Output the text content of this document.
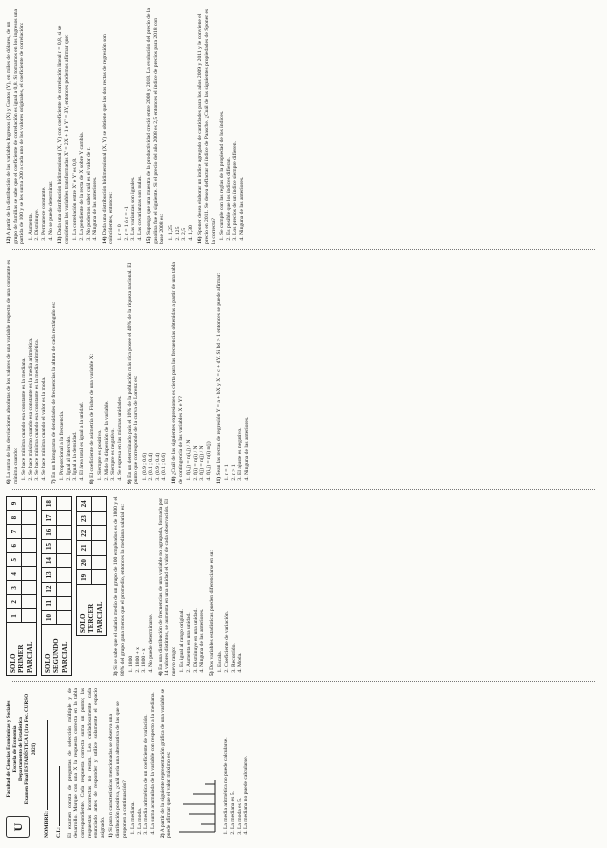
U
Facultad de Ciencias Económicas y Sociales Escuela de Economía Departamento de Estadística Examen Final ESTADÍSTICA I (1ra Fec. CURSO 2021)
NOMBRE:	C.I.: El examen consta de preguntas de selección múltiple y de desarrollo. Marque con una X la respuesta correcta en la tabla correspondiente. Cada respuesta correcta suma un punto; las respuestas incorrectas no restan. Lea cuidadosamente cada enunciado antes de responder y utilice solamente el espacio asignado. 1) Si para n características mencionadas se observa una distribución positiva, ¿cuál sería una alternativa de las que se proponen a continuación? 1. La mediana. 2. La moda. 3. La media aritmética de un coeficiente de variación. 4. La suma acumulada de la variable con respecto a la mediana.

2) A partir de la siguiente representación gráfica de una variable se puede afirmar que el valor máximo es:	1. La media aritmética no puede calcularse. 2. La mediana es 5. 3. La moda es 5. 4. La mediana no puede calcularse.
SOLO PRIMER PARCIAL	1	2	3	4	5	6	7	8	9

SOLO SEGUNDO PARCIAL	10	11	12	13	14	15	16	17	18

SOLO TERCER PARCIAL	19	20	21	22	23	24

3) Si se sabe que el salario medio de un grupo de 100 empleados es de 1800 y el 80% del grupo gana menos que el promedio, entonces la mediana salarial es: 1. 1800 2. 1800 + x 3. 1800 - x 4. No puede determinarse.

4) En una distribución de frecuencias de una variable no agrupada, formada por 14 valores distintos, se aumenta en una unidad el valor de cada observación. El nuevo rango: 1. Es igual al rango original. 2. Aumenta en una unidad. 3. Disminuye en una unidad. 4. Ninguna de las anteriores.

5) Dos variables estadísticas pueden diferenciarse en su: 1. Escala. 2. Coeficiente de variación. 3. Recorrido. 4. Moda.

6) La suma de las desviaciones absolutas de los valores de una variable respecto de una constante es mínima cuando: 1. Se hace mínima cuando esa constante es la mediana. 2. Se hace máximo cuando esa constante es la media aritmética. 3. Se hace mínima cuando esa constante es la media aritmética. 4. Se hace mínima cuando el valor es la moda.

7) En un histograma de densidades de frecuencias la altura de cada rectángulo es: 1. Proporcional a la frecuencia. 2. Igual al intervalo. 3. Igual a la densidad. 4. El área total es igual a la unidad.

8) El coeficiente de asimetría de Fisher de una variable X: 1. Siempre es positivo. 2. Mide la dispersión de la variable. 3. Siempre es negativo. 4. Se expresa en las mismas unidades.

9) En un determinado país el 10% de la población más rica posee el 40% de la riqueza nacional. El punto que corresponde de la curva de Lorenz es: 1. (0.9 ; 0.6) 2. (0.1 ; 0.4) 3. (0.9 ; 0.4) 4. (0.1 ; 0.6)

10) ¿Cuál de las siguientes expresiones es cierta para las frecuencias obtenidas a partir de una tabla de contingencia de las variables X e Y? 1. f(i,j) = n(i,j) / N 2. f(i) = n(i) / N 3. f(j) = n(j) / N 4. f(i,j) = n(i) n(j)

11) Sean las rectas de regresión Y = a + bX y X = c + dY. Si bd > 1 entonces se puede afirmar: 1. r = 1 2. r > 1 3. El ajuste es negativo. 4. Ninguna de las anteriores.

12) A partir de la distribución de las variables Ingresos (X) y Gastos (Y), en miles de dólares, de un grupo de familias se sabe que el coeficiente de correlación es igual a 0,8. Si tomamos en los ingresos una partida de 100 y se les suma 200 a cada uno de los valores originales, el coeficiente de correlación: 1. Aumenta. 2. Disminuye. 3. Permanece constante. 4. No se puede determinar.

13) Dada una distribución bidimensional (X, Y) con coeficiente de correlación lineal r = 0,8, si se consideran las variables transformadas X' = 2X + 1 e Y' = 3Y, entonces podemos afirmar que: 1. La correlación entre X' e Y' es 0,8. 2. La pendiente de la recta de X sobre Y cambia. 3. No podemos saber cuál es el valor de r. 4. Ninguna de las anteriores.

14) Dada una distribución bidimensional (X, Y) se obtiene que las dos rectas de regresión son coincidentes, entonces: 1. r = 0 2. r = 1 ó r = -1 3. Las varianzas son iguales. 4. Las covarianzas son nulas.

15) Suponga que una muestra de la productividad creció entre 2008 y 2018. La evolución del precio de la gasolina fue el siguiente. Si el precio del año 2008 es 2,5 entonces el índice de precios para 2018 con base 2008 es: 1. 1,25 2. 125 3. 2,5 4. 1,30

16) Sponer desea elaborar un índice agregado de cantidades para los años 2009 y 2011 y le conviene el precio en 2011. Se desea deflactar el índice de Paasche. ¿Cuál de las siguientes propiedades de Sponer es la correcta? 1. Se cumple con las reglas de la propiedad de los índices. 2. Es posible que los índices difieran. 3. Los precios de un índice siempre difieren. 4. Ninguna de las anteriores.
